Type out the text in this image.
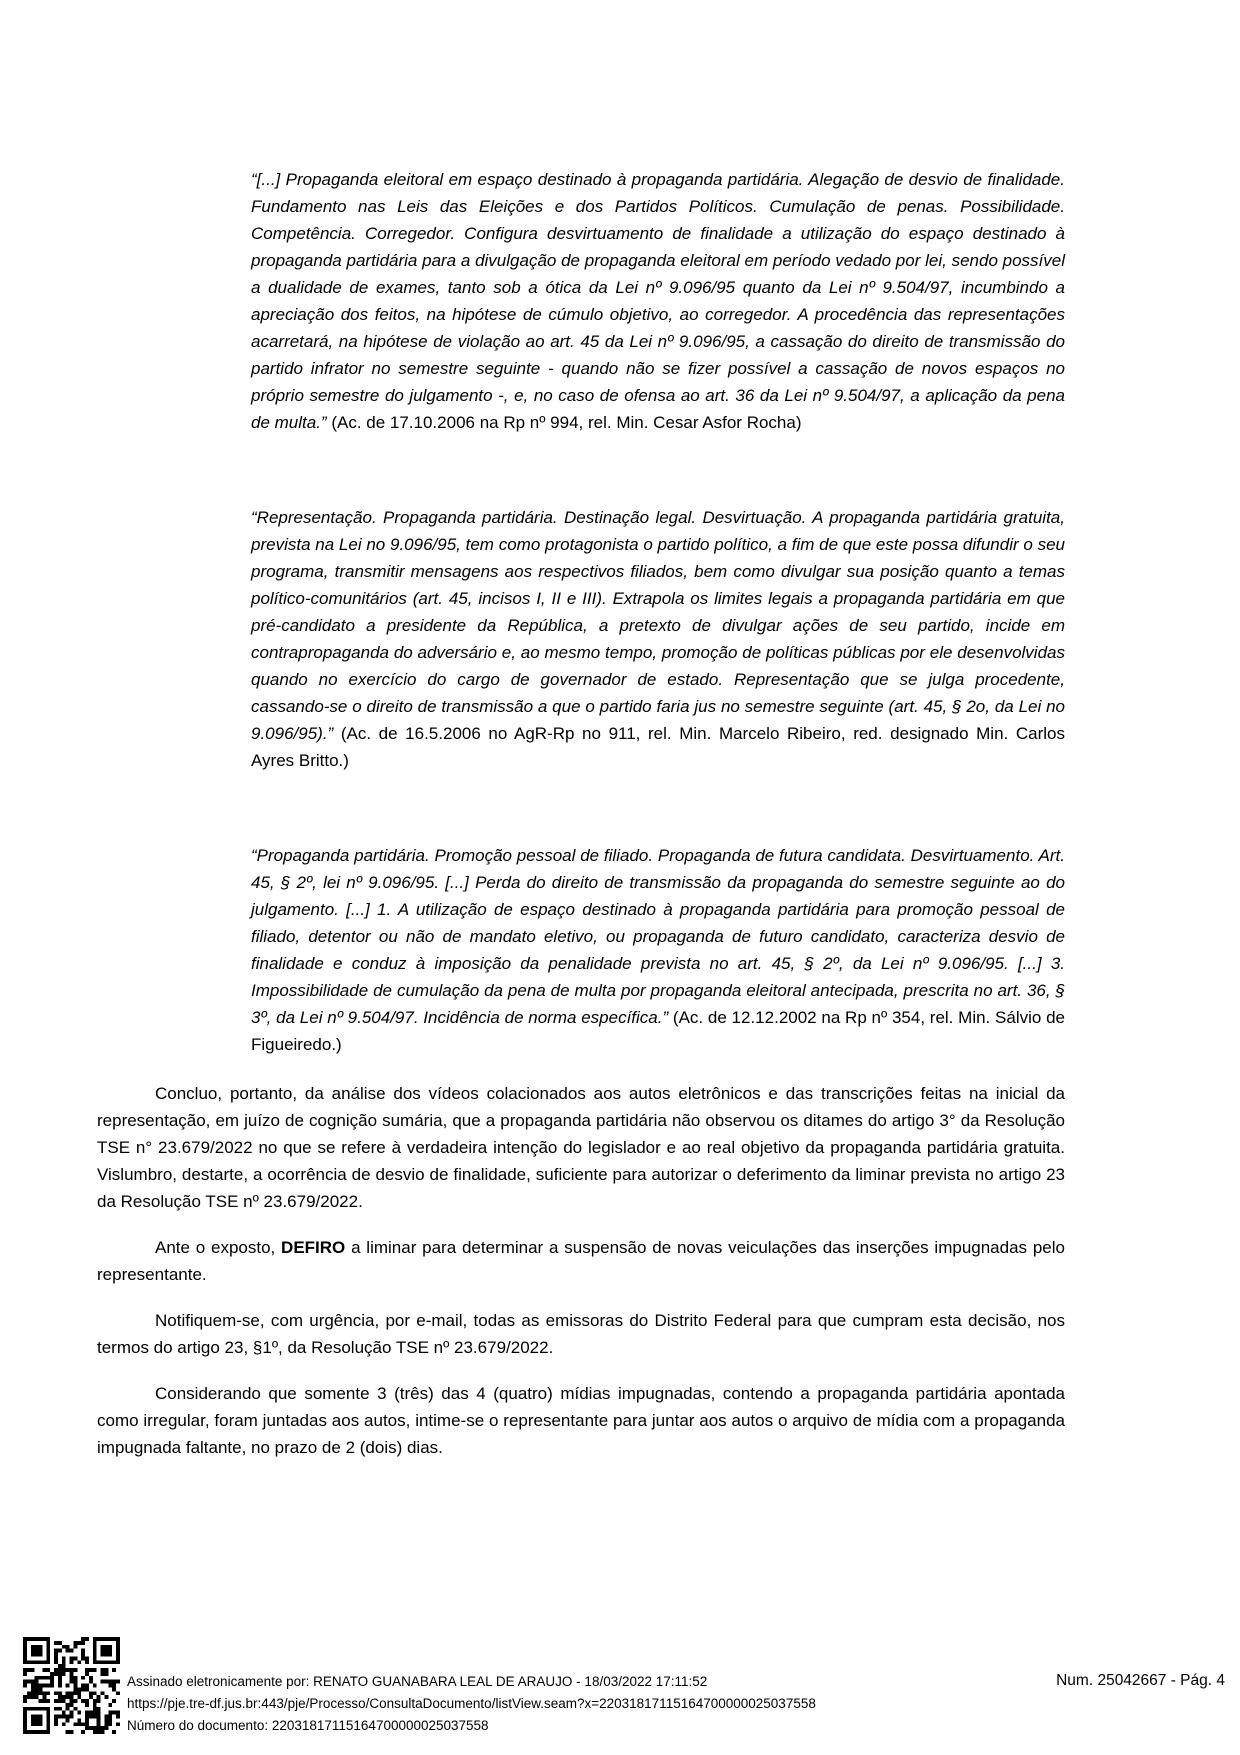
“[...] Propaganda eleitoral em espaço destinado à propaganda partidária. Alegação de desvio de finalidade. Fundamento nas Leis das Eleições e dos Partidos Políticos. Cumulação de penas. Possibilidade. Competência. Corregedor. Configura desvirtuamento de finalidade a utilização do espaço destinado à propaganda partidária para a divulgação de propaganda eleitoral em período vedado por lei, sendo possível a dualidade de exames, tanto sob a ótica da Lei nº 9.096/95 quanto da Lei nº 9.504/97, incumbindo a apreciação dos feitos, na hipótese de cúmulo objetivo, ao corregedor. A procedência das representações acarretará, na hipótese de violação ao art. 45 da Lei nº 9.096/95, a cassação do direito de transmissão do partido infrator no semestre seguinte - quando não se fizer possível a cassação de novos espaços no próprio semestre do julgamento -, e, no caso de ofensa ao art. 36 da Lei nº 9.504/97, a aplicação da pena de multa.” (Ac. de 17.10.2006 na Rp nº 994, rel. Min. Cesar Asfor Rocha)
“Representação. Propaganda partidária. Destinação legal. Desvirtuação. A propaganda partidária gratuita, prevista na Lei no 9.096/95, tem como protagonista o partido político, a fim de que este possa difundir o seu programa, transmitir mensagens aos respectivos filiados, bem como divulgar sua posição quanto a temas político-comunitários (art. 45, incisos I, II e III). Extrapola os limites legais a propaganda partidária em que pré-candidato a presidente da República, a pretexto de divulgar ações de seu partido, incide em contrapropaganda do adversário e, ao mesmo tempo, promoção de políticas públicas por ele desenvolvidas quando no exercício do cargo de governador de estado. Representação que se julga procedente, cassando-se o direito de transmissão a que o partido faria jus no semestre seguinte (art. 45, § 2o, da Lei no 9.096/95).” (Ac. de 16.5.2006 no AgR-Rp no 911, rel. Min. Marcelo Ribeiro, red. designado Min. Carlos Ayres Britto.)
“Propaganda partidária. Promoção pessoal de filiado. Propaganda de futura candidata. Desvirtuamento. Art. 45, § 2º, lei nº 9.096/95. [...] Perda do direito de transmissão da propaganda do semestre seguinte ao do julgamento. [...] 1. A utilização de espaço destinado à propaganda partidária para promoção pessoal de filiado, detentor ou não de mandato eletivo, ou propaganda de futuro candidato, caracteriza desvio de finalidade e conduz à imposição da penalidade prevista no art. 45, § 2º, da Lei nº 9.096/95. [...] 3. Impossibilidade de cumulação da pena de multa por propaganda eleitoral antecipada, prescrita no art. 36, § 3º, da Lei nº 9.504/97. Incidência de norma específica.” (Ac. de 12.12.2002 na Rp nº 354, rel. Min. Sálvio de Figueiredo.)

Concluo, portanto, da análise dos vídeos colacionados aos autos eletrônicos e das transcrições feitas na inicial da representação, em juízo de cognição sumária, que a propaganda partidária não observou os ditames do artigo 3° da Resolução TSE n° 23.679/2022 no que se refere à verdadeira intenção do legislador e ao real objetivo da propaganda partidária gratuita. Vislumbro, destarte, a ocorrência de desvio de finalidade, suficiente para autorizar o deferimento da liminar prevista no artigo 23 da Resolução TSE nº 23.679/2022.

Ante o exposto, DEFIRO a liminar para determinar a suspensão de novas veiculações das inserções impugnadas pelo representante.

Notifiquem-se, com urgência, por e-mail, todas as emissoras do Distrito Federal para que cumpram esta decisão, nos termos do artigo 23, §1º, da Resolução TSE nº 23.679/2022.

Considerando que somente 3 (três) das 4 (quatro) mídias impugnadas, contendo a propaganda partidária apontada como irregular, foram juntadas aos autos, intime-se o representante para juntar aos autos o arquivo de mídia com a propaganda impugnada faltante, no prazo de 2 (dois) dias.

Assinado eletronicamente por: RENATO GUANABARA LEAL DE ARAUJO - 18/03/2022 17:11:52
https://pje.tre-df.jus.br:443/pje/Processo/ConsultaDocumento/listView.seam?x=22031817115164700000025037558
Número do documento: 22031817115164700000025037558
Num. 25042667 - Pág. 4
